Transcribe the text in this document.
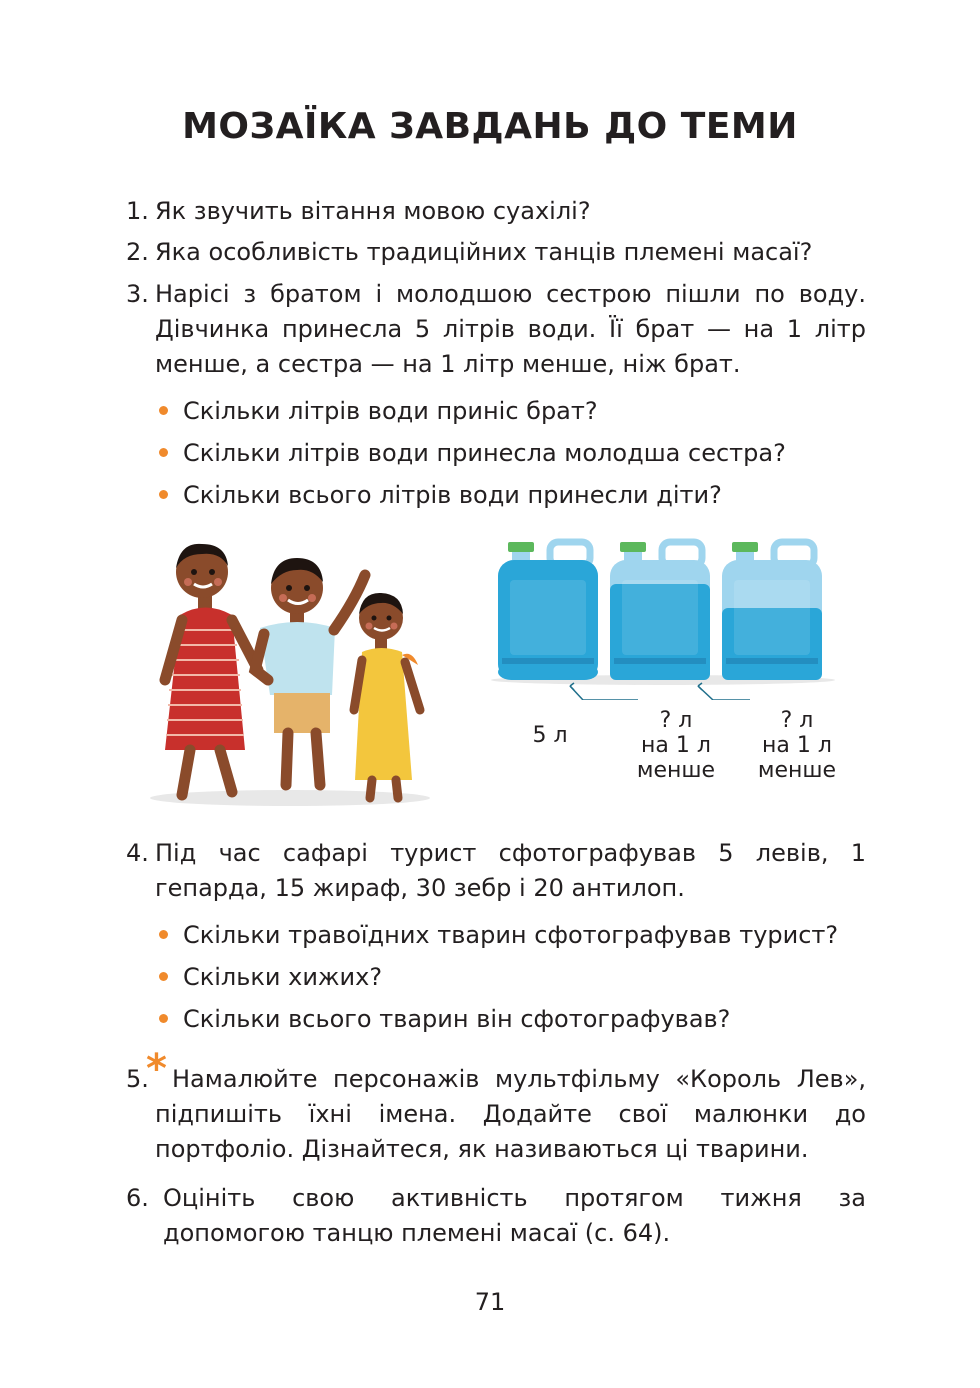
МОЗАЇКА ЗАВДАНЬ ДО ТЕМИ
1. Як звучить вітання мовою суахілі?
2. Яка особливість традиційних танців племені масаї?
3. Нарісі з братом і молодшою сестрою пішли по воду. Дівчинка принесла 5 літрів води. Її брат — на 1 літр менше, а сестра — на 1 літр менше, ніж брат.
Скільки літрів води приніс брат?
Скільки літрів води принесла молодша сестра?
Скільки всього літрів води принесли діти?
5 л
? л
на 1 л
менше
? л
на 1 л
менше
4. Під час сафарі турист сфотографував 5 левів, 1 гепарда, 15 жираф, 30 зебр і 20 антилоп.
Скільки травоїдних тварин сфотографував турист?
Скільки хижих?
Скільки всього тварин він сфотографував?
5.
* Намалюйте персонажів мультфільму «Король Лев», підпишіть їхні імена. Додайте свої малюнки до портфоліо. Дізнайтеся, як називаються ці тварини.
6. Оцініть свою активність протягом тижня за допомогою танцю племені масаї (с. 64).
71
